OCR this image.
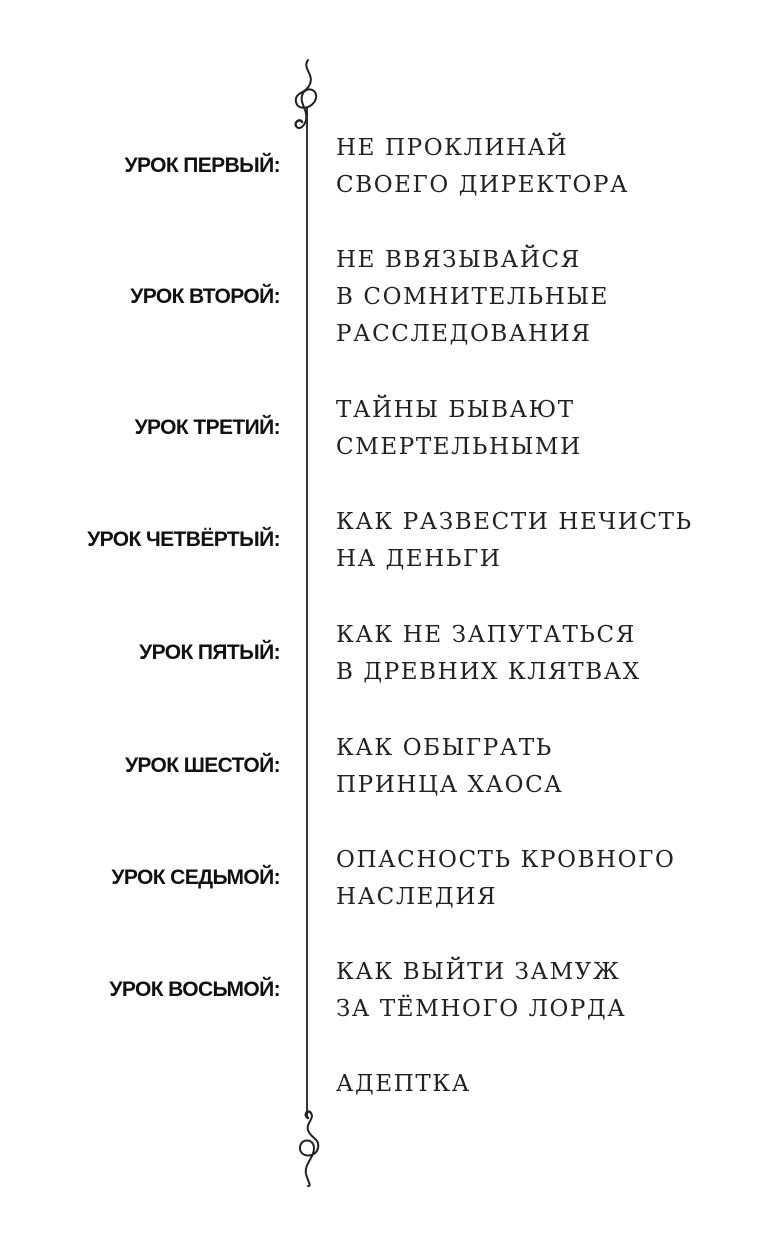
УРОК ПЕРВЫЙ:
НЕ ПРОКЛИНАЙ
СВОЕГО ДИРЕКТОРА
УРОК ВТОРОЙ:
НЕ ВВЯЗЫВАЙСЯ
В СОМНИТЕЛЬНЫЕ
РАССЛЕДОВАНИЯ
УРОК ТРЕТИЙ:
ТАЙНЫ БЫВАЮТ
СМЕРТЕЛЬНЫМИ
УРОК ЧЕТВЁРТЫЙ:
КАК РАЗВЕСТИ НЕЧИСТЬ
НА ДЕНЬГИ
УРОК ПЯТЫЙ:
КАК НЕ ЗАПУТАТЬСЯ
В ДРЕВНИХ КЛЯТВАХ
УРОК ШЕСТОЙ:
КАК ОБЫГРАТЬ
ПРИНЦА ХАОСА
УРОК СЕДЬМОЙ:
ОПАСНОСТЬ КРОВНОГО
НАСЛЕДИЯ
УРОК ВОСЬМОЙ:
КАК ВЫЙТИ ЗАМУЖ
ЗА ТЁМНОГО ЛОРДА
АДЕПТКА
